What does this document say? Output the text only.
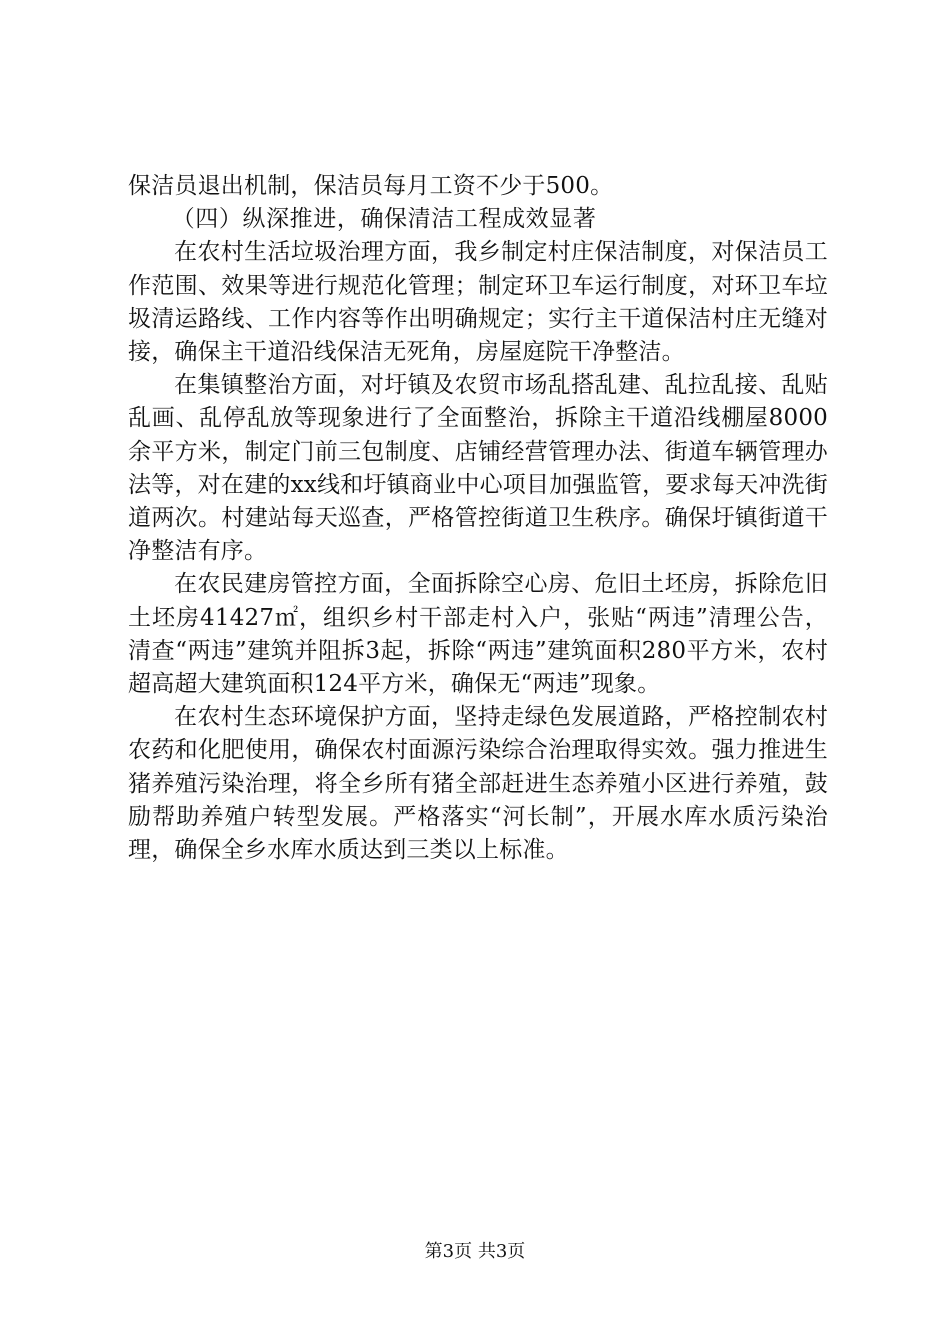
保洁员退出机制，保洁员每月工资不少于500。

（四）纵深推进，确保清洁工程成效显著

在农村生活垃圾治理方面，我乡制定村庄保洁制度，对保洁员工作范围、效果等进行规范化管理；制定环卫车运行制度，对环卫车垃圾清运路线、工作内容等作出明确规定；实行主干道保洁村庄无缝对接，确保主干道沿线保洁无死角，房屋庭院干净整洁。

在集镇整治方面，对圩镇及农贸市场乱搭乱建、乱拉乱接、乱贴乱画、乱停乱放等现象进行了全面整治，拆除主干道沿线棚屋8000余平方米，制定门前三包制度、店铺经营管理办法、街道车辆管理办法等，对在建的xx线和圩镇商业中心项目加强监管，要求每天冲洗街道两次。村建站每天巡查，严格管控街道卫生秩序。确保圩镇街道干净整洁有序。

在农民建房管控方面，全面拆除空心房、危旧土坯房，拆除危旧土坯房41427㎡，组织乡村干部走村入户，张贴“两违”清理公告，清查“两违”建筑并阻拆3起，拆除“两违”建筑面积280平方米，农村超高超大建筑面积124平方米，确保无“两违”现象。

在农村生态环境保护方面，坚持走绿色发展道路，严格控制农村农药和化肥使用，确保农村面源污染综合治理取得实效。强力推进生猪养殖污染治理，将全乡所有猪全部赶进生态养殖小区进行养殖，鼓励帮助养殖户转型发展。严格落实“河长制”，开展水库水质污染治理，确保全乡水库水质达到三类以上标准。

第3页 共3页
